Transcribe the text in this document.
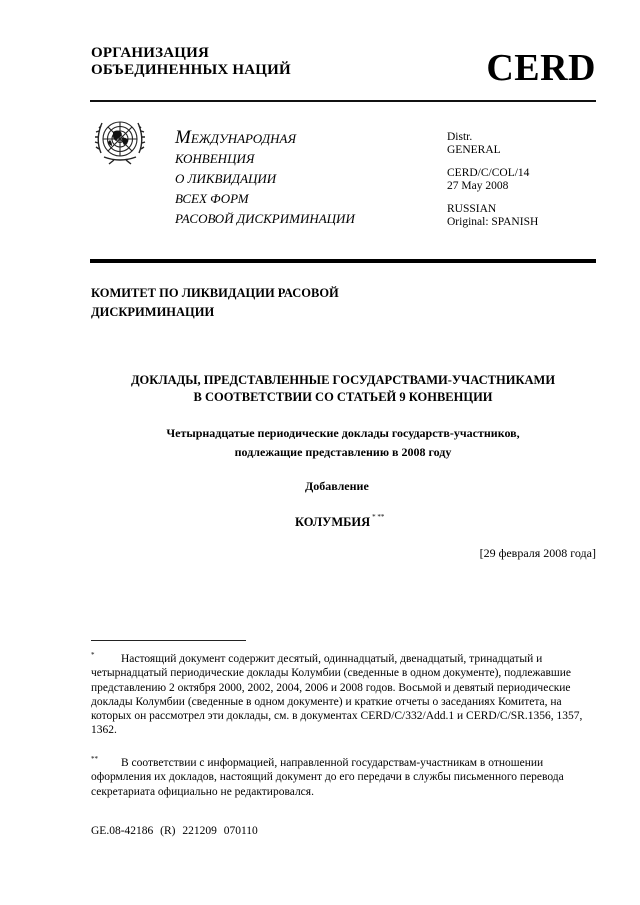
ОРГАНИЗАЦИЯ
ОБЪЕДИНЕННЫХ НАЦИЙ	CERD
МЕЖДУНАРОДНАЯ
КОНВЕНЦИЯ
О ЛИКВИДАЦИИ
ВСЕХ ФОРМ
РАСОВОЙ ДИСКРИМИНАЦИИ
Distr.
GENERAL
CERD/C/COL/14
27 May 2008
RUSSIAN
Original: SPANISH
КОМИТЕТ ПО ЛИКВИДАЦИИ РАСОВОЙ
ДИСКРИМИНАЦИИ
ДОКЛАДЫ, ПРЕДСТАВЛЕННЫЕ ГОСУДАРСТВАМИ-УЧАСТНИКАМИ
В СООТВЕТСТВИИ СО СТАТЬЕЙ 9 КОНВЕНЦИИ
Четырнадцатые периодические доклады государств-участников,
подлежащие представлению в 2008 году
Добавление
КОЛУМБИЯ * **
[29 февраля 2008 года]
* Настоящий документ содержит десятый, одиннадцатый, двенадцатый, тринадцатый и четырнадцатый периодические доклады Колумбии (сведенные в одном документе), подлежавшие представлению 2 октября 2000, 2002, 2004, 2006 и 2008 годов. Восьмой и девятый периодические доклады Колумбии (сведенные в одном документе) и краткие отчеты о заседаниях Комитета, на которых он рассмотрел эти доклады, см. в документах CERD/C/332/Add.1 и CERD/C/SR.1356, 1357, 1362.
** В соответствии с информацией, направленной государствам-участникам в отношении оформления их докладов, настоящий документ до его передачи в службы письменного перевода секретариата официально не редактировался.
GE.08-42186 (R) 221209 070110
